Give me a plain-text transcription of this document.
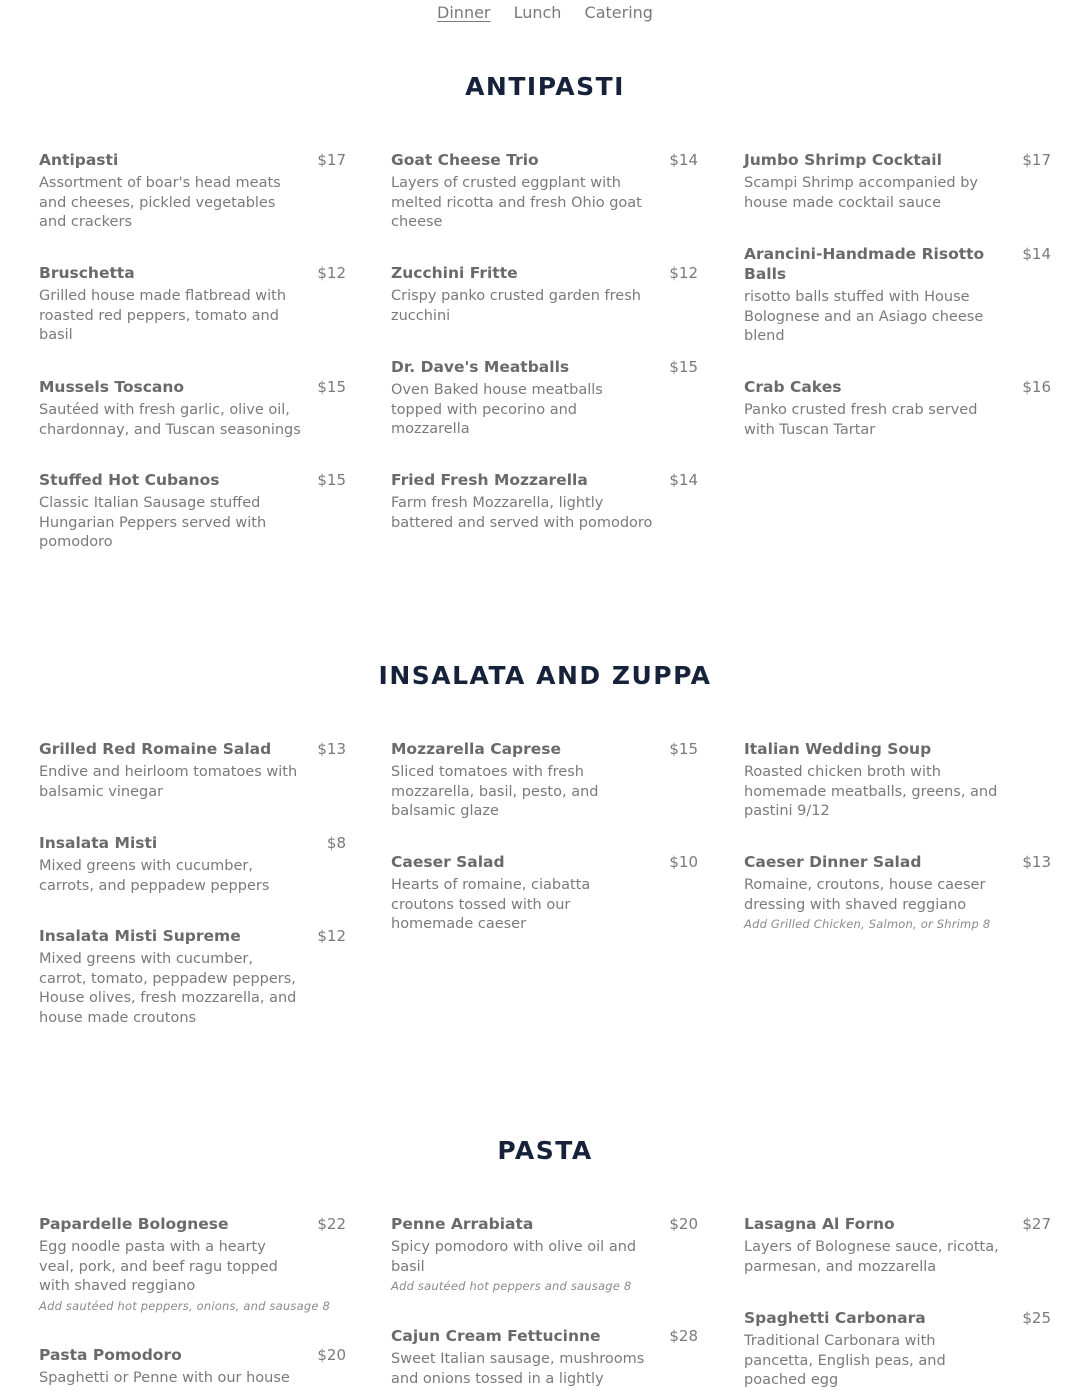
Dinner Lunch Catering
ANTIPASTI
Antipasti	$17
Assortment of boar's head meats and cheeses, pickled vegetables and crackers
Bruschetta	$12
Grilled house made flatbread with roasted red peppers, tomato and basil
Mussels Toscano	$15
Sautéed with fresh garlic, olive oil, chardonnay, and Tuscan seasonings
Stuffed Hot Cubanos	$15
Classic Italian Sausage stuffed Hungarian Peppers served with pomodoro
Goat Cheese Trio	$14
Layers of crusted eggplant with melted ricotta and fresh Ohio goat cheese
Zucchini Fritte	$12
Crispy panko crusted garden fresh zucchini
Dr. Dave's Meatballs	$15
Oven Baked house meatballs topped with pecorino and mozzarella
Fried Fresh Mozzarella	$14
Farm fresh Mozzarella, lightly battered and served with pomodoro
Jumbo Shrimp Cocktail	$17
Scampi Shrimp accompanied by house made cocktail sauce
Arancini-Handmade Risotto Balls
$14
risotto balls stuffed with House Bolognese and an Asiago cheese blend
Crab Cakes	$16
Panko crusted fresh crab served with Tuscan Tartar
INSALATA AND ZUPPA
Grilled Red Romaine Salad	$13
Endive and heirloom tomatoes with balsamic vinegar
Insalata Misti	$8
Mixed greens with cucumber, carrots, and peppadew peppers
Insalata Misti Supreme	$12
Mixed greens with cucumber, carrot, tomato, peppadew peppers, House olives, fresh mozzarella, and house made croutons
Mozzarella Caprese	$15
Sliced tomatoes with fresh mozzarella, basil, pesto, and balsamic glaze
Caeser Salad	$10
Hearts of romaine, ciabatta croutons tossed with our homemade caeser
Italian Wedding Soup
Roasted chicken broth with homemade meatballs, greens, and pastini 9/12
Caeser Dinner Salad	$13
Romaine, croutons, house caeser dressing with shaved reggiano
Add Grilled Chicken, Salmon, or Shrimp 8
PASTA
Papardelle Bolognese	$22
Egg noodle pasta with a hearty veal, pork, and beef ragu topped with shaved reggiano
Add sautéed hot peppers, onions, and sausage 8
Pasta Pomodoro	$20
Spaghetti or Penne with our house
Penne Arrabiata	$20
Spicy pomodoro with olive oil and basil
Add sautéed hot peppers and sausage 8
Cajun Cream Fettucinne	$28
Sweet Italian sausage, mushrooms and onions tossed in a lightly
Lasagna Al Forno	$27
Layers of Bolognese sauce, ricotta, parmesan, and mozzarella
Spaghetti Carbonara	$25
Traditional Carbonara with pancetta, English peas, and poached egg
